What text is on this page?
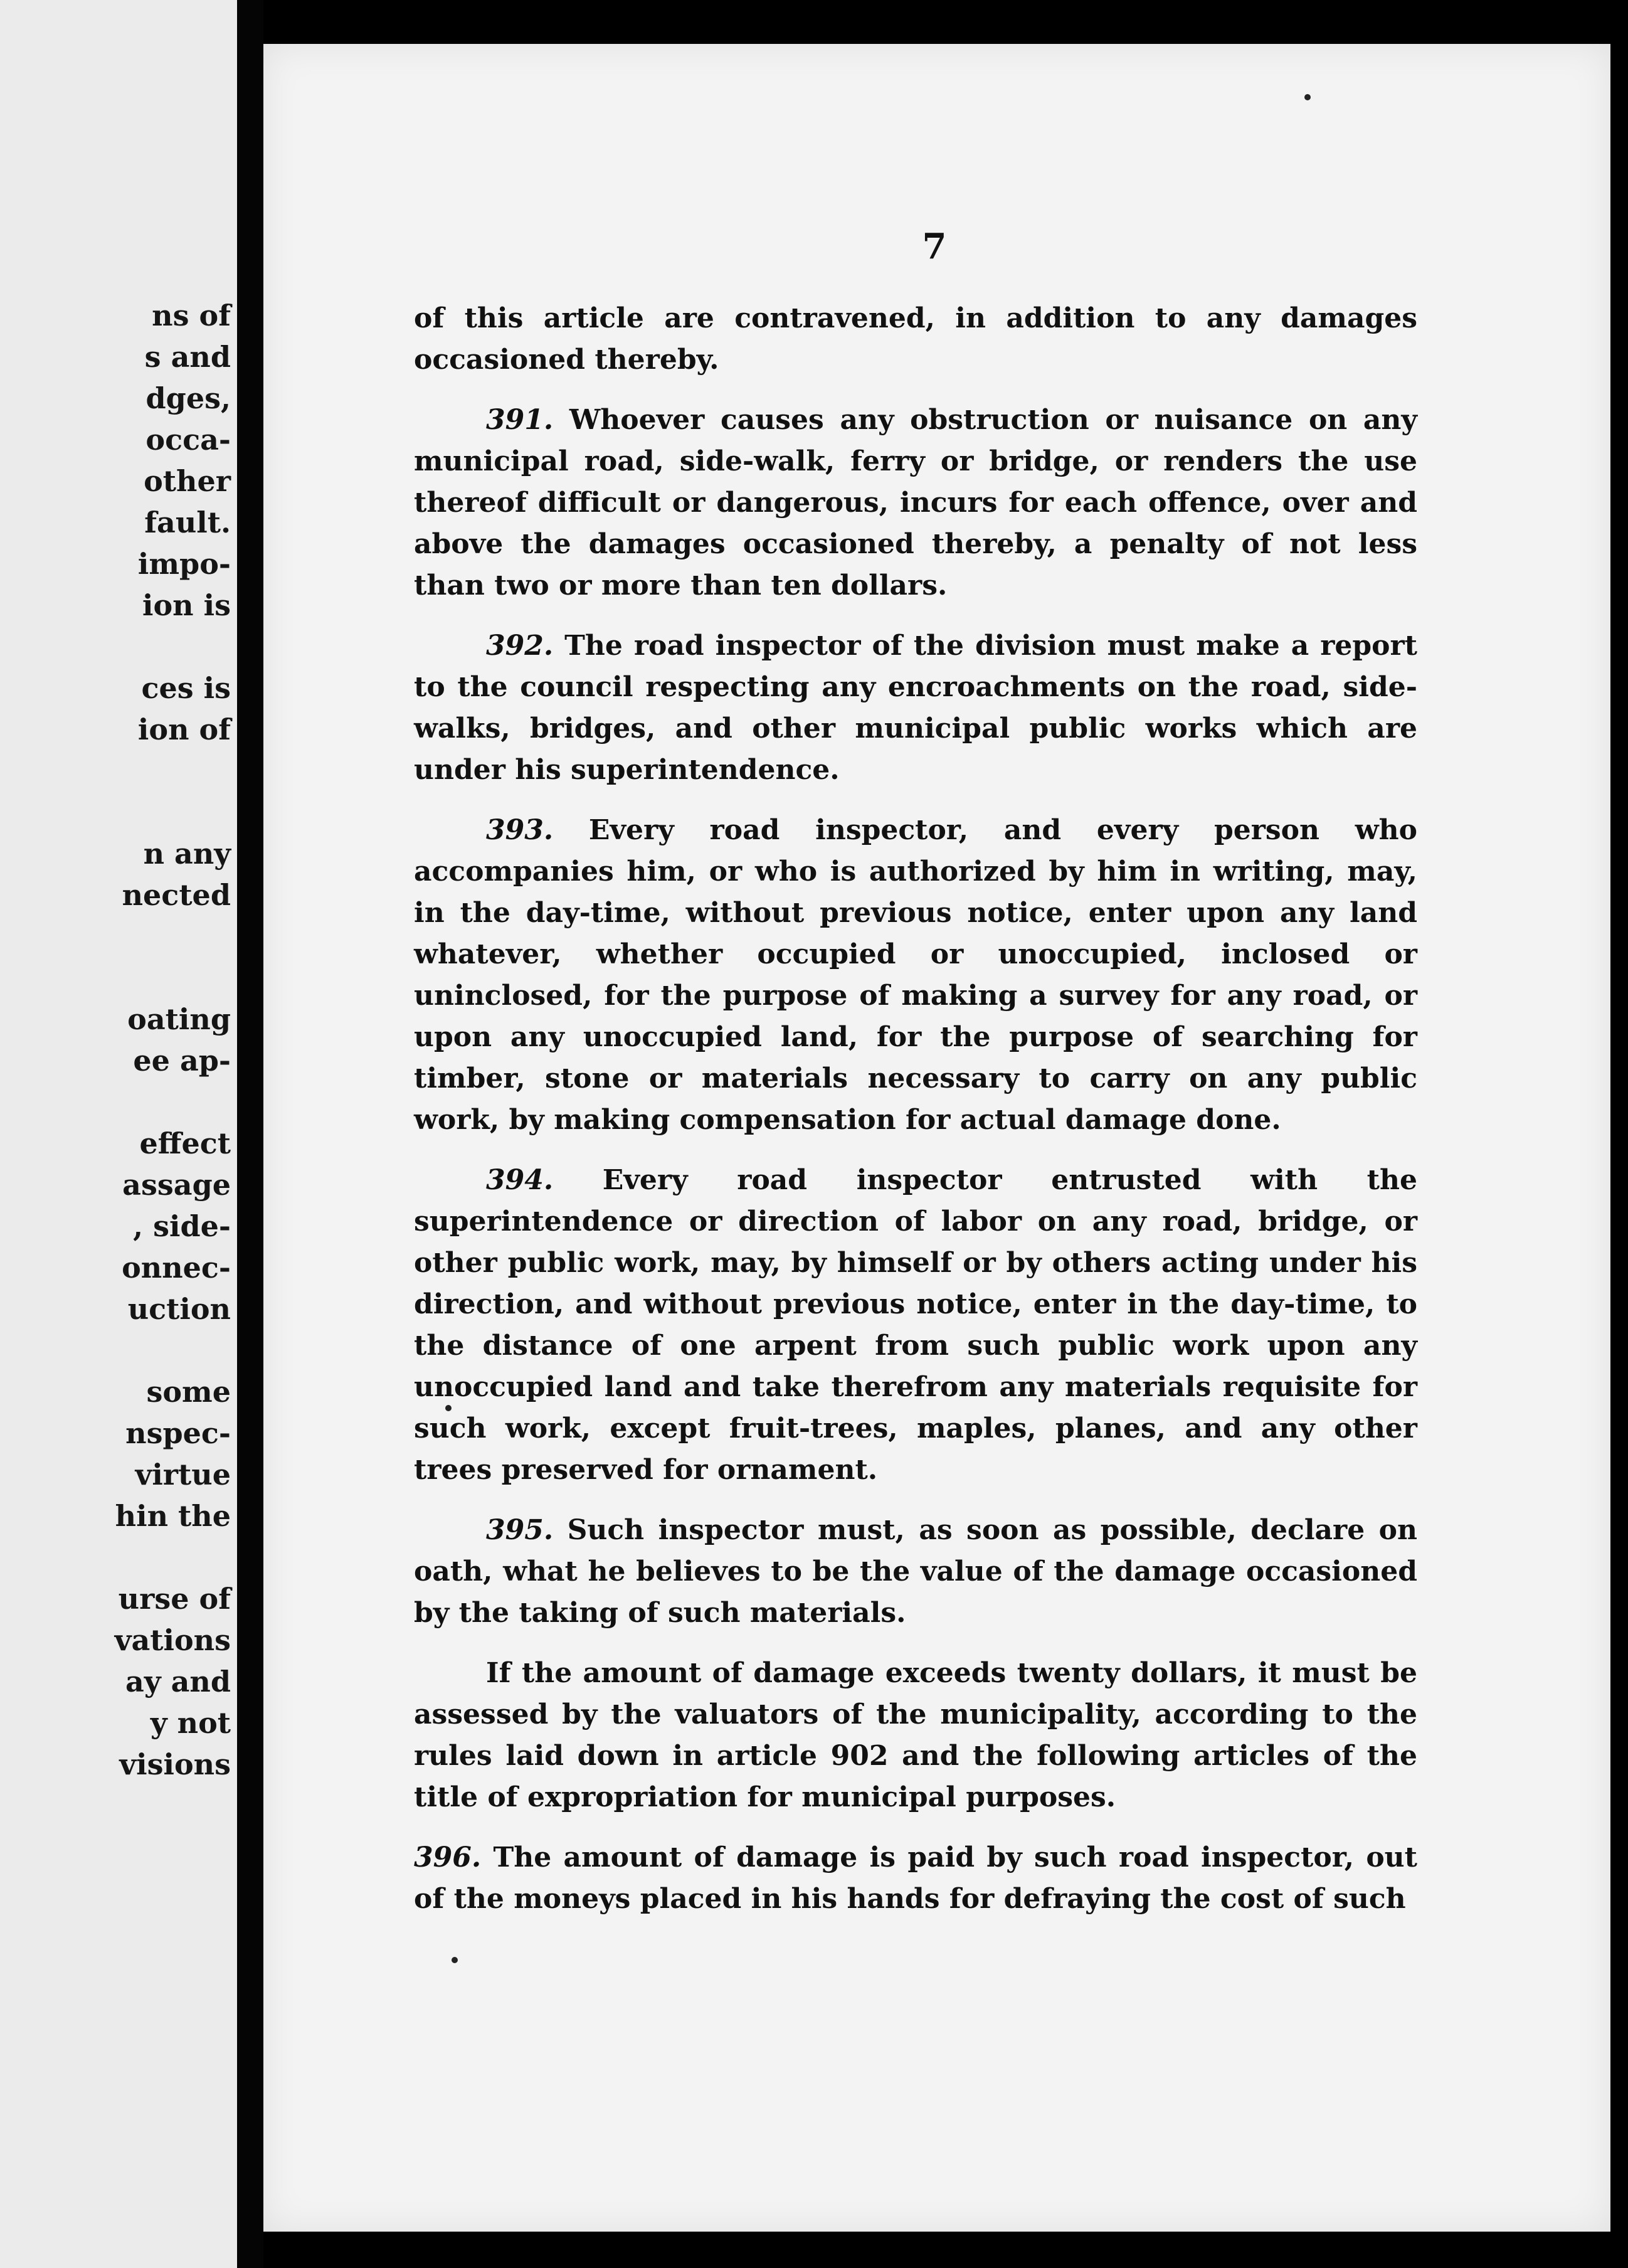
ns of
s and
dges,
occa-
other
fault.
impo-
ion is
ces is
ion of
n any
nected
oating
ee ap-
effect
assage
, side-
onnec-
uction
some
nspec-
virtue
hin the
urse of
vations
ay and
y not
visions
7

of this article are contravened, in addition to any damages occasioned thereby.

391. Whoever causes any obstruction or nuisance on any municipal road, side-walk, ferry or bridge, or renders the use thereof difficult or dangerous, incurs for each offence, over and above the damages occasioned thereby, a penalty of not less than two or more than ten dollars.

392. The road inspector of the division must make a report to the council respecting any encroachments on the road, side-walks, bridges, and other municipal public works which are under his superintendence.

393. Every road inspector, and every person who accompanies him, or who is authorized by him in writing, may, in the day-time, without previous notice, enter upon any land whatever, whether occupied or unoccupied, inclosed or uninclosed, for the purpose of making a survey for any road, or upon any unoccupied land, for the purpose of searching for timber, stone or materials necessary to carry on any public work, by making compensation for actual damage done.

394. Every road inspector entrusted with the superintendence or direction of labor on any road, bridge, or other public work, may, by himself or by others acting under his direction, and without previous notice, enter in the day-time, to the distance of one arpent from such public work upon any unoccupied land and take therefrom any materials requisite for such work, except fruit-trees, maples, planes, and any other trees preserved for ornament.

395. Such inspector must, as soon as possible, declare on oath, what he believes to be the value of the damage occasioned by the taking of such materials.

If the amount of damage exceeds twenty dollars, it must be assessed by the valuators of the municipality, according to the rules laid down in article 902 and the following articles of the title of expropriation for municipal purposes.

396. The amount of damage is paid by such road inspector, out of the moneys placed in his hands for defraying the cost of such
